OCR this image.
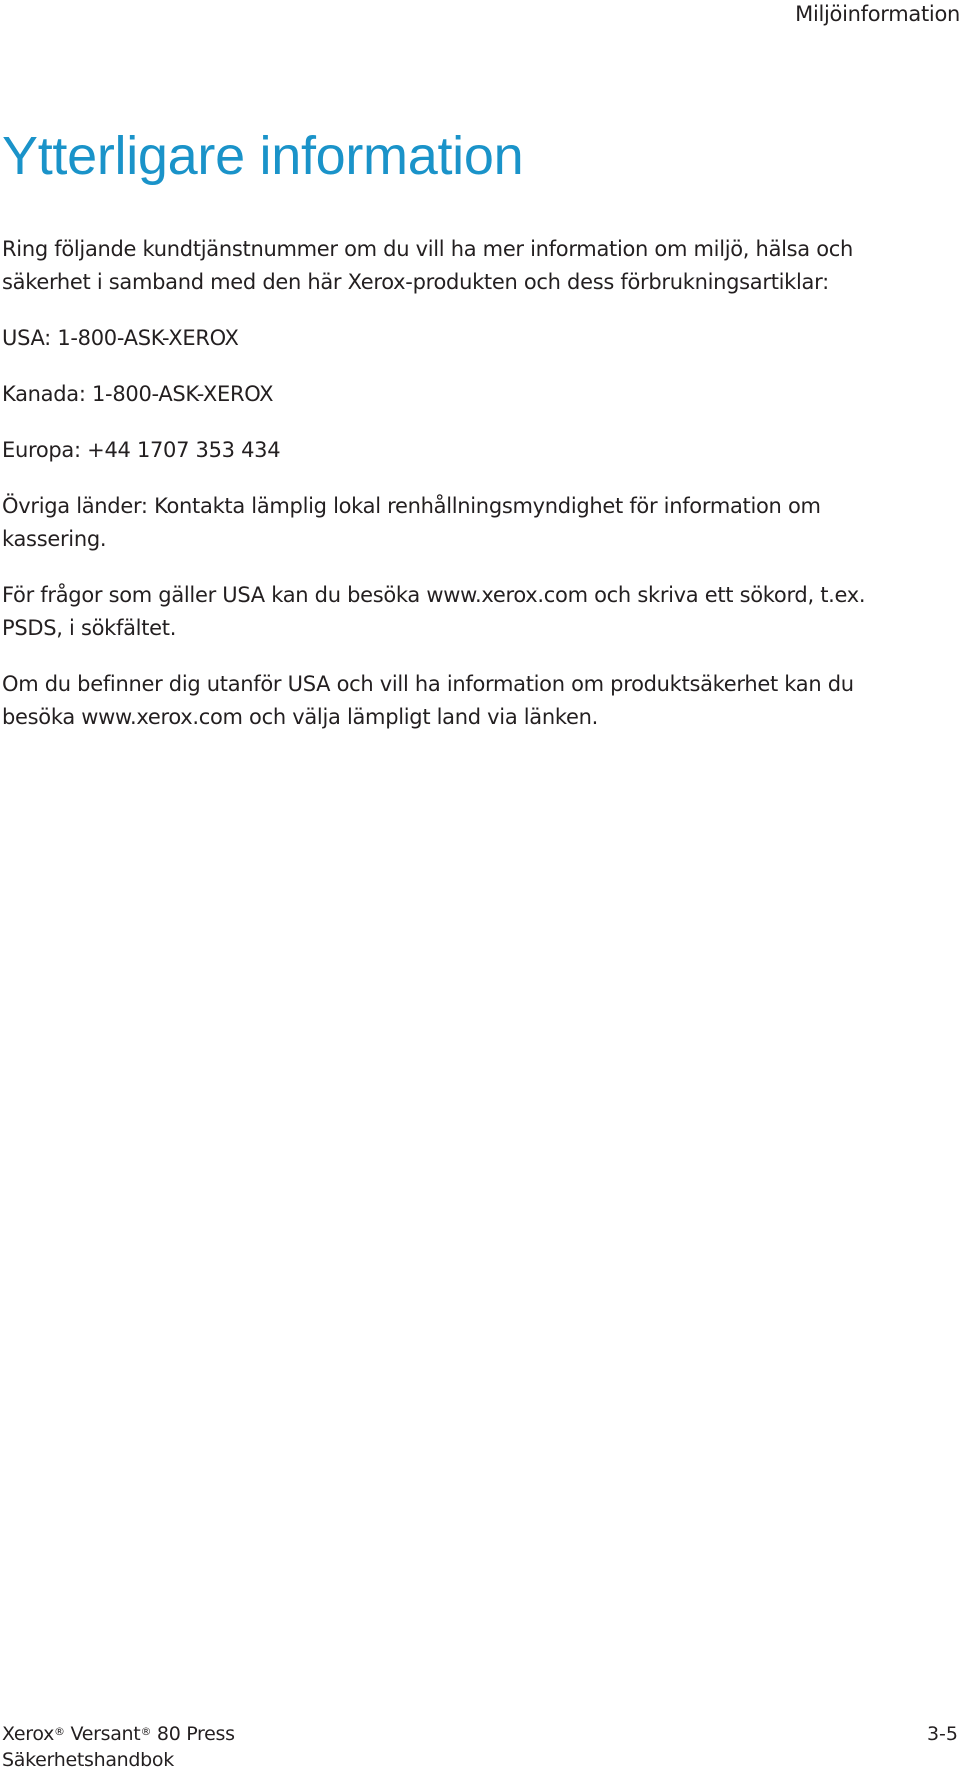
Miljöinformation
Ytterligare information

Ring följande kundtjänstnummer om du vill ha mer information om miljö, hälsa och säkerhet i samband med den här Xerox-produkten och dess förbrukningsartiklar:

USA: 1-800-ASK-XEROX

Kanada: 1-800-ASK-XEROX

Europa: +44 1707 353 434

Övriga länder: Kontakta lämplig lokal renhållningsmyndighet för information om kassering.

För frågor som gäller USA kan du besöka www.xerox.com och skriva ett sökord, t.ex. PSDS, i sökfältet.

Om du befinner dig utanför USA och vill ha information om produktsäkerhet kan du besöka www.xerox.com och välja lämpligt land via länken.

Xerox® Versant® 80 Press
Säkerhetshandbok
3-5
